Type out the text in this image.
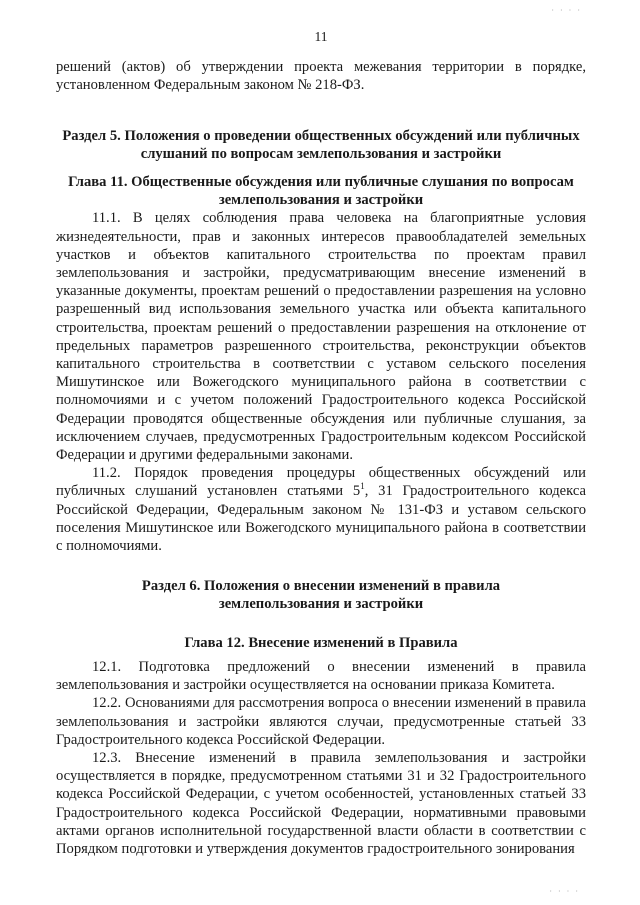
· · · ·
11

решений (актов) об утверждении проекта межевания территории в порядке, установленном Федеральным законом № 218-ФЗ.

Раздел 5. Положения о проведении общественных обсуждений или публичных слушаний по вопросам землепользования и застройки
Глава 11. Общественные обсуждения или публичные слушания по вопросам землепользования и застройки

11.1. В целях соблюдения права человека на благоприятные условия жизнедеятельности, прав и законных интересов правообладателей земельных участков и объектов капитального строительства по проектам правил землепользования и застройки, предусматривающим внесение изменений в указанные документы, проектам решений о предоставлении разрешения на условно разрешенный вид использования земельного участка или объекта капитального строительства, проектам решений о предоставлении разрешения на отклонение от предельных параметров разрешенного строительства, реконструкции объектов капитального строительства в соответствии с уставом сельского поселения Мишутинское или Вожегодского муниципального района в соответствии с полномочиями и с учетом положений Градостроительного кодекса Российской Федерации проводятся общественные обсуждения или публичные слушания, за исключением случаев, предусмотренных Градостроительным кодексом Российской Федерации и другими федеральными законами.

11.2. Порядок проведения процедуры общественных обсуждений или публичных слушаний установлен статьями $5^1$, 31 Градостроительного кодекса Российской Федерации, Федеральным законом № 131-ФЗ и уставом сельского поселения Мишутинское или Вожегодского муниципального района в соответствии с полномочиями.

Раздел 6. Положения о внесении изменений в правила
землепользования и застройки
Глава 12. Внесение изменений в Правила

12.1. Подготовка предложений о внесении изменений в правила землепользования и застройки осуществляется на основании приказа Комитета.

12.2. Основаниями для рассмотрения вопроса о внесении изменений в правила землепользования и застройки являются случаи, предусмотренные статьей 33 Градостроительного кодекса Российской Федерации.

12.3. Внесение изменений в правила землепользования и застройки осуществляется в порядке, предусмотренном статьями 31 и 32 Градостроительного кодекса Российской Федерации, с учетом особенностей, установленных статьей 33 Градостроительного кодекса Российской Федерации, нормативными правовыми актами органов исполнительной государственной власти области в соответствии с Порядком подготовки и утверждения документов градостроительного зонирования

· · · ·
